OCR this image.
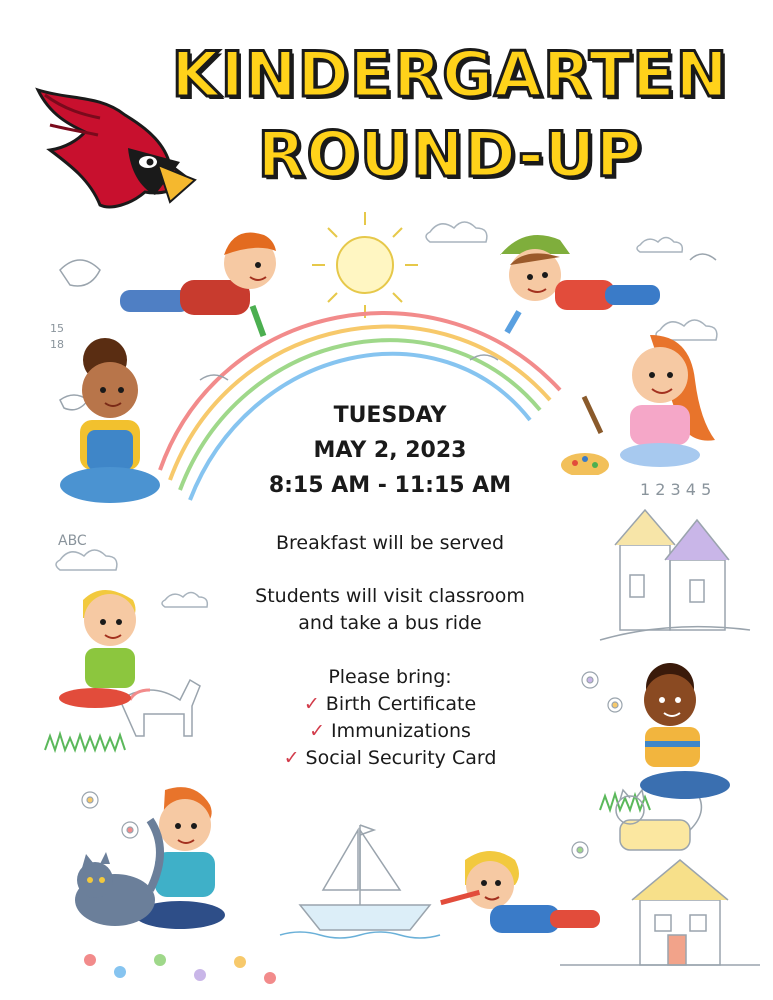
KINDERGARTEN
ROUND-UP
1 2 3 4 5
ABC
15
18
TUESDAY
MAY 2, 2023
8:15 AM - 11:15 AM
Breakfast will be served
Students will visit classroom
and take a bus ride
Please bring:
✓ Birth Certificate
✓ Immunizations
✓ Social Security Card
